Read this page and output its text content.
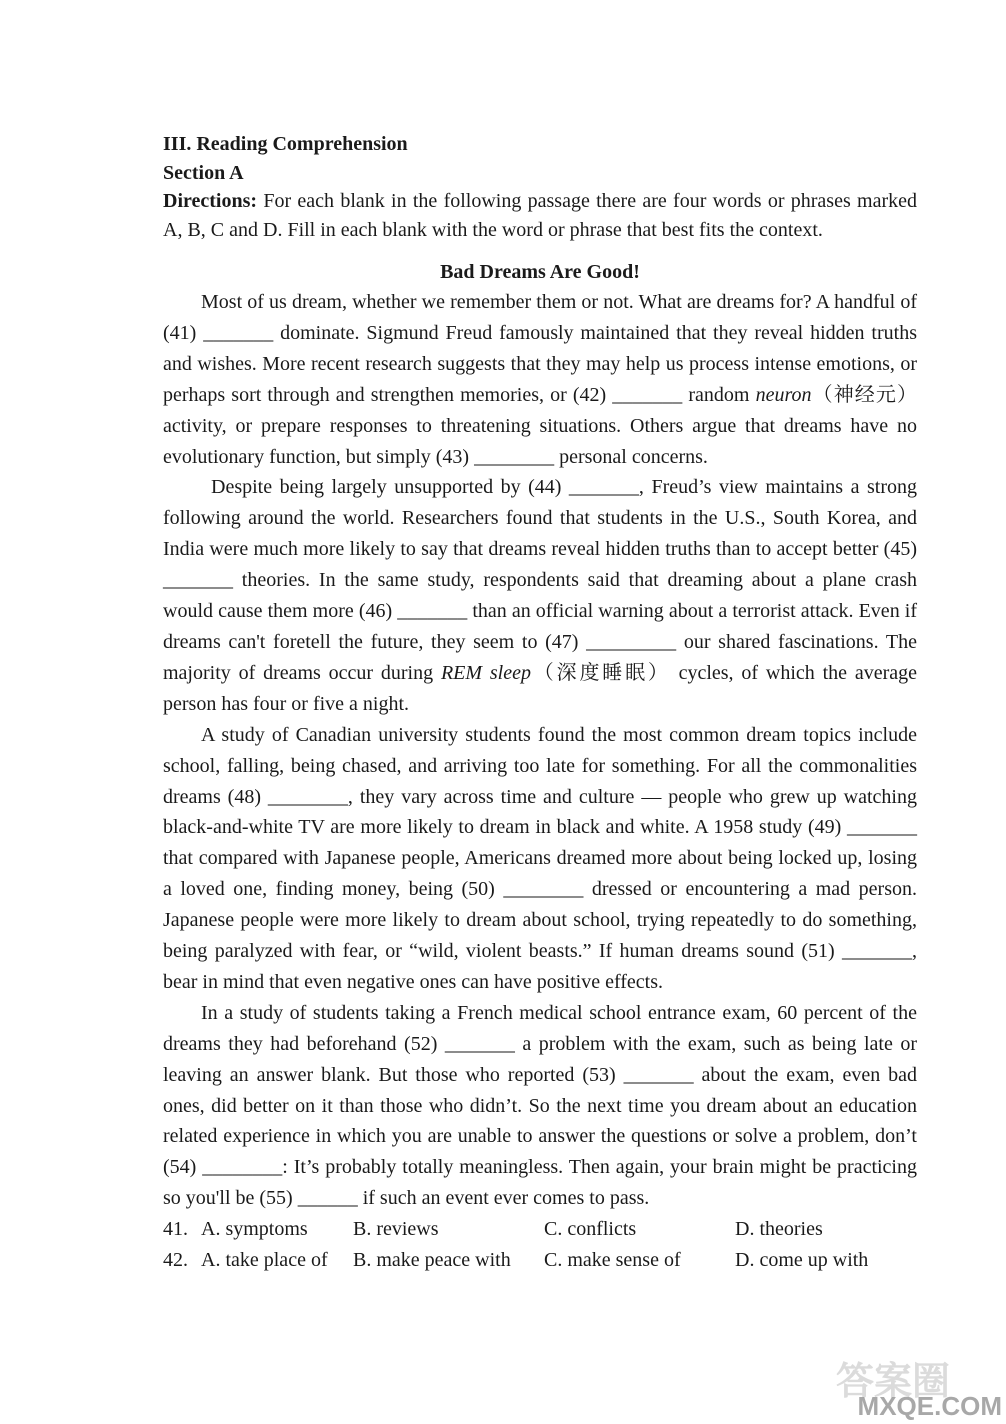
III. Reading Comprehension
Section A
Directions: For each blank in the following passage there are four words or phrases marked A, B, C and D. Fill in each blank with the word or phrase that best fits the context.
Bad Dreams Are Good!

Most of us dream, whether we remember them or not. What are dreams for? A handful of (41) _______ dominate. Sigmund Freud famously maintained that they reveal hidden truths and wishes. More recent research suggests that they may help us process intense emotions, or perhaps sort through and strengthen memories, or (42) _______ random neuron（神经元） activity, or prepare responses to threatening situations. Others argue that dreams have no evolutionary function, but simply (43) ________ personal concerns.

Despite being largely unsupported by (44) _______, Freud’s view maintains a strong following around the world. Researchers found that students in the U.S., South Korea, and India were much more likely to say that dreams reveal hidden truths than to accept better (45) _______ theories. In the same study, respondents said that dreaming about a plane crash would cause them more (46) _______ than an official warning about a terrorist attack. Even if dreams can't foretell the future, they seem to (47) _________ our shared fascinations. The majority of dreams occur during REM sleep（深度睡眠） cycles, of which the average person has four or five a night.

A study of Canadian university students found the most common dream topics include school, falling, being chased, and arriving too late for something. For all the commonalities dreams (48) ________, they vary across time and culture — people who grew up watching black-and-white TV are more likely to dream in black and white. A 1958 study (49) _______ that compared with Japanese people, Americans dreamed more about being locked up, losing a loved one, finding money, being (50) ________ dressed or encountering a mad person. Japanese people were more likely to dream about school, trying repeatedly to do something, being paralyzed with fear, or “wild, violent beasts.” If human dreams sound (51) _______, bear in mind that even negative ones can have positive effects.

In a study of students taking a French medical school entrance exam, 60 percent of the dreams they had beforehand (52) _______ a problem with the exam, such as being late or leaving an answer blank. But those who reported (53) _______ about the exam, even bad ones, did better on it than those who didn’t. So the next time you dream about an education related experience in which you are unable to answer the questions or solve a problem, don’t (54) ________: It’s probably totally meaningless. Then again, your brain might be practicing so you'll be (55) ______ if such an event ever comes to pass.

41. A. symptoms	B. reviews	C. conflicts	D. theories
42. A. take place of	B. make peace with	C. make sense of	D. come up with
答案圈
MXQE.COM
